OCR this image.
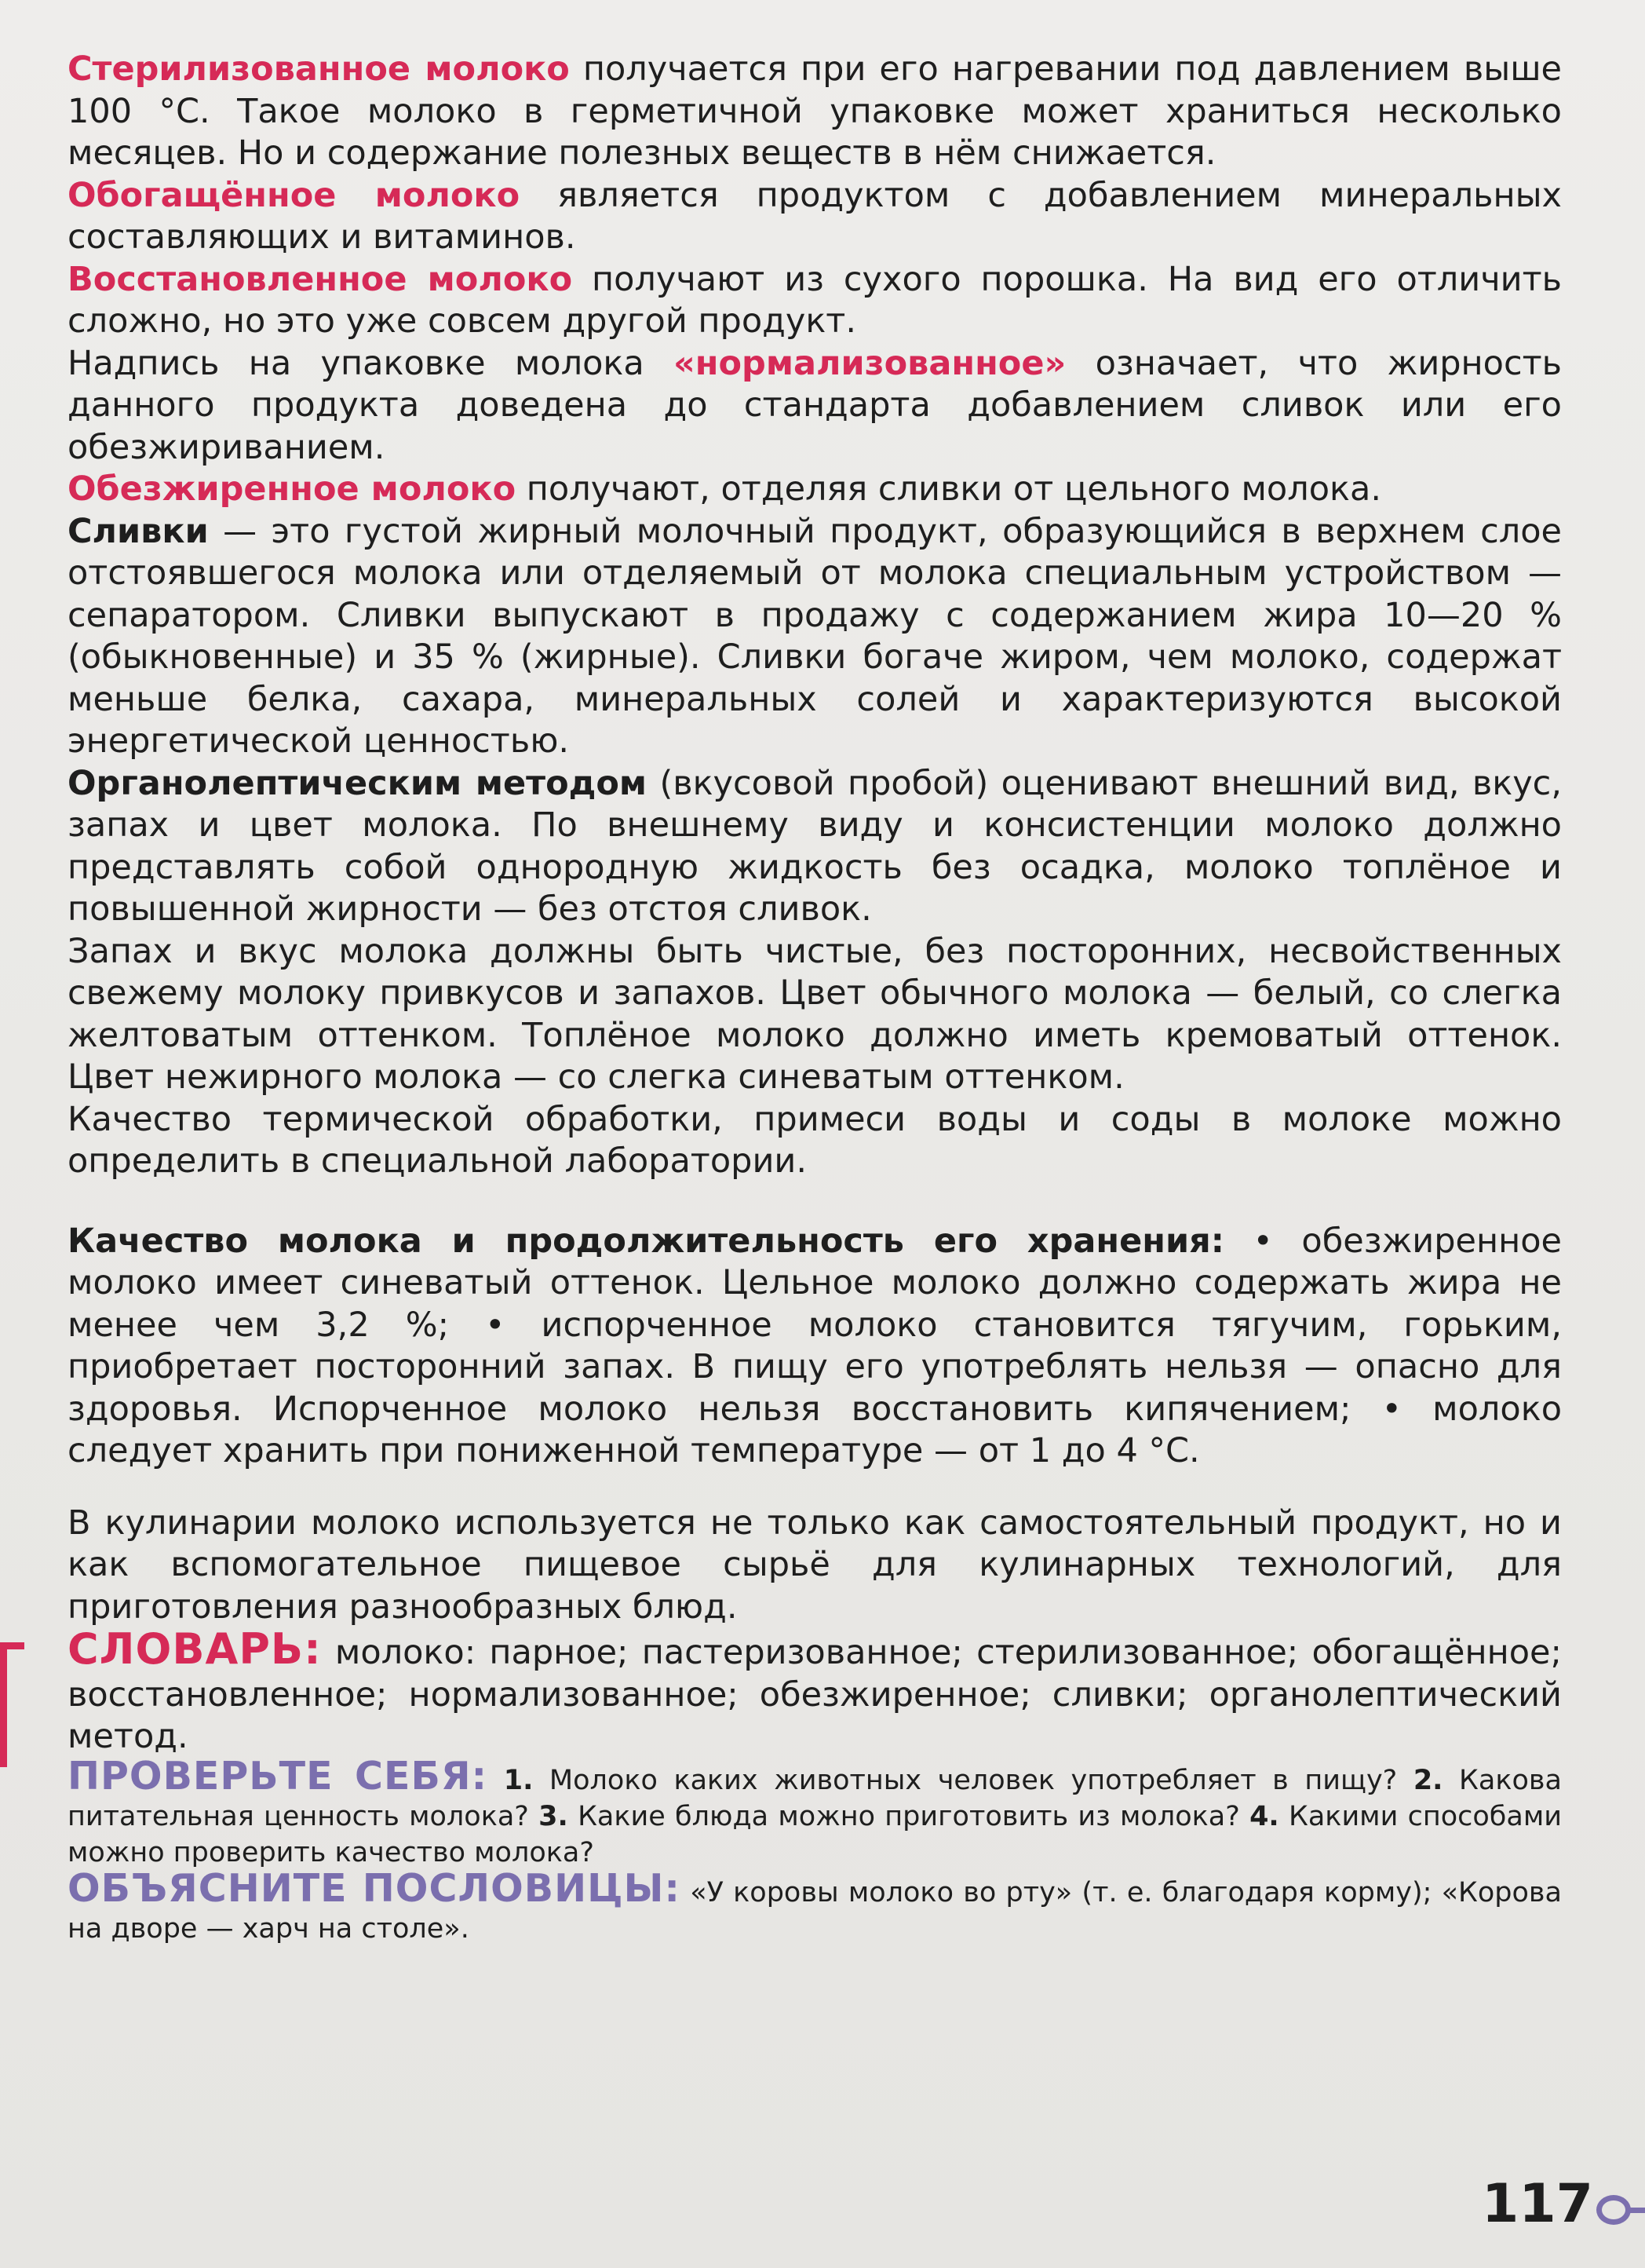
Стерилизованное молоко получается при его нагревании под давлением выше 100 °С. Такое молоко в герметичной упаковке может храниться несколько месяцев. Но и содержание полезных веществ в нём снижается.

Обогащённое молоко является продуктом с добавлением минеральных составляющих и витаминов.

Восстановленное молоко получают из сухого порошка. На вид его отличить сложно, но это уже совсем другой продукт.

Надпись на упаковке молока «нормализованное» означает, что жирность данного продукта доведена до стандарта добавлением сливок или его обезжириванием.

Обезжиренное молоко получают, отделяя сливки от цельного молока.

Сливки — это густой жирный молочный продукт, образующийся в верхнем слое отстоявшегося молока или отделяемый от молока специальным устройством — сепаратором. Сливки выпускают в продажу с содержанием жира 10—20 % (обыкновенные) и 35 % (жирные). Сливки богаче жиром, чем молоко, содержат меньше белка, сахара, минеральных солей и характеризуются высокой энергетической ценностью.

Органолептическим методом (вкусовой пробой) оценивают внешний вид, вкус, запах и цвет молока. По внешнему виду и консистенции молоко должно представлять собой однородную жидкость без осадка, молоко топлёное и повышенной жирности — без отстоя сливок.

Запах и вкус молока должны быть чистые, без посторонних, несвойственных свежему молоку привкусов и запахов. Цвет обычного молока — белый, со слегка желтоватым оттенком. Топлёное молоко должно иметь кремоватый оттенок. Цвет нежирного молока — со слегка синеватым оттенком.

Качество термической обработки, примеси воды и соды в молоке можно определить в специальной лаборатории.

Качество молока и продолжительность его хранения: • обезжиренное молоко имеет синеватый оттенок. Цельное молоко должно содержать жира не менее чем 3,2 %; • испорченное молоко становится тягучим, горьким, приобретает посторонний запах. В пищу его употреблять нельзя — опасно для здоровья. Испорченное молоко нельзя восстановить кипячением; • молоко следует хранить при пониженной температуре — от 1 до 4 °С.

В кулинарии молоко используется не только как самостоятельный продукт, но и как вспомогательное пищевое сырьё для кулинарных технологий, для приготовления разнообразных блюд.

СЛОВАРЬ: молоко: парное; пастеризованное; стерилизованное; обогащённое; восстановленное; нормализованное; обезжиренное; сливки; органолептический метод.

ПРОВЕРЬТЕ СЕБЯ: 1. Молоко каких животных человек употребляет в пищу? 2. Какова питательная ценность молока? 3. Какие блюда можно приготовить из молока? 4. Какими способами можно проверить качество молока?

ОБЪЯСНИТЕ ПОСЛОВИЦЫ: «У коровы молоко во рту» (т. е. благодаря корму); «Корова на дворе — харч на столе».

117
